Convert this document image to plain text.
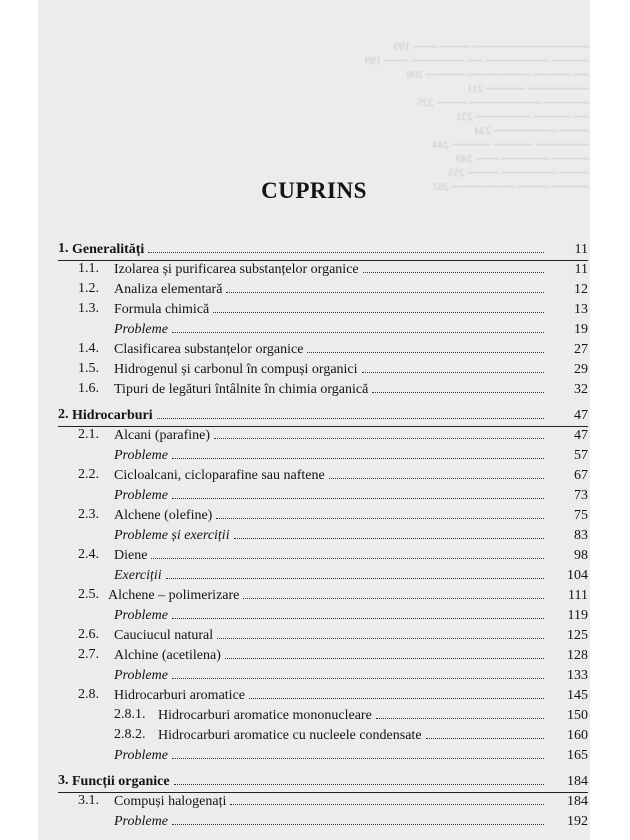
─────────────── ──── ─── 199
───── ──────── ── ─────── ─── 199
── ───── ──────── ───── 208
──────── ───── 211
────── ───────── ──── 225
── ───── ─────── 231
──── ──────── 234
─────── ───── ───── 244
───── ────── ─── 249
──── ─────── ──── 255
───── ──── ──────── 262
CUPRINS
1. Generalități	11
1.1. Izolarea și purificarea substanțelor organice	11
1.2. Analiza elementară	12
1.3. Formula chimică	13
Probleme	19
1.4. Clasificarea substanțelor organice	27
1.5. Hidrogenul și carbonul în compuși organici	29
1.6. Tipuri de legături întâlnite în chimia organică	32
2. Hidrocarburi	47
2.1. Alcani (parafine)	47
Probleme	57
2.2. Cicloalcani, cicloparafine sau naftene	67
Probleme	73
2.3. Alchene (olefine)	75
Probleme și exerciții	83
2.4. Diene	98
Exerciții	104
2.5. Alchene – polimerizare	111
Probleme	119
2.6. Cauciucul natural	125
2.7. Alchine (acetilena)	128
Probleme	133
2.8. Hidrocarburi aromatice	145
2.8.1. Hidrocarburi aromatice mononucleare	150
2.8.2. Hidrocarburi aromatice cu nucleele condensate	160
Probleme	165
3. Funcții organice	184
3.1. Compuși halogenați	184
Probleme	192
